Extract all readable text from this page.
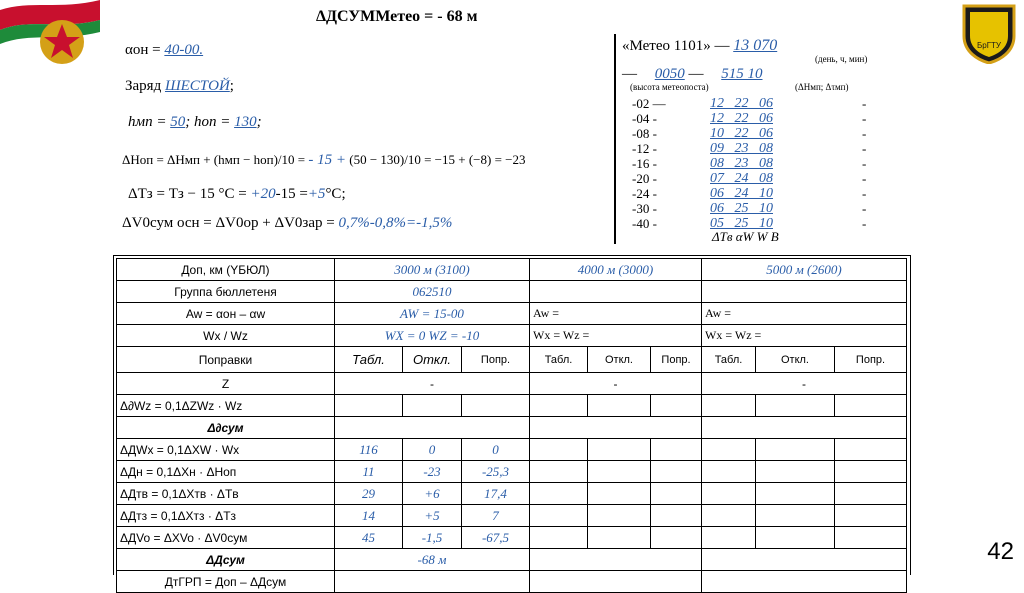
БрГТУ
ΔДСУММетео = - 68 м
αон = 40-00.
Заряд ШЕСТОЙ;
hмп = 50; hоп = 130;
ΔHоп = ΔHмп + (hмп − hоп)/10 = - 15 + (50 − 130)/10 = −15 + (−8) = −23
ΔTз = Tз − 15 °C = +20-15 =+5°C;
ΔV0сум осн = ΔV0ор + ΔV0зар = 0,7%-0,8%=-1,5%
«Метео 1101» — 13 070
(день, ч, мин)
— 0050 — 515 10
(высота метеопоста)	(ΔHмп; Δτмп)
-02 —	12   22   06	-
-04 -	12   22   06	-
-08 -	10   22   06	-
-12 -	09   23   08	-
-16 -	08   23   08	-
-20 -	07   24   08	-
-24 -	06   24   10	-
-30 -	06   25   10	-
-40 -	05   25   10	-
ΔTв αW W B
Дoп, км (YБЮЛ)	3000 м (3100)			4000 м (3000)			5000 м (2600)		
Группа бюллетеня	062510								
Aw = αон – αw	AW = 15-00			Aw =			Aw =		
Wx / Wz	WX = 0 WZ = -10			Wx = Wz =			Wx = Wz =		
Поправки	Табл.	Откл.	Попр.	Табл.	Откл.	Попр.	Табл.	Откл.	Попр.
Z	-			-			-		
Δ∂Wz = 0,1ΔZWz · Wz									
Δ∂сум									
ΔДWx = 0,1ΔXW · Wx	116	0	0						
ΔДн = 0,1ΔXн · ΔHоп	11	-23	-25,3						
ΔДтв = 0,1ΔXтв · ΔTв	29	+6	17,4						
ΔДтз = 0,1ΔXтз · ΔTз	14	+5	7						
ΔДVo = ΔXVo · ΔV0сум	45	-1,5	-67,5						
ΔДсум	-68 м								
ДтГРП = Доп – ΔДсум									
42
